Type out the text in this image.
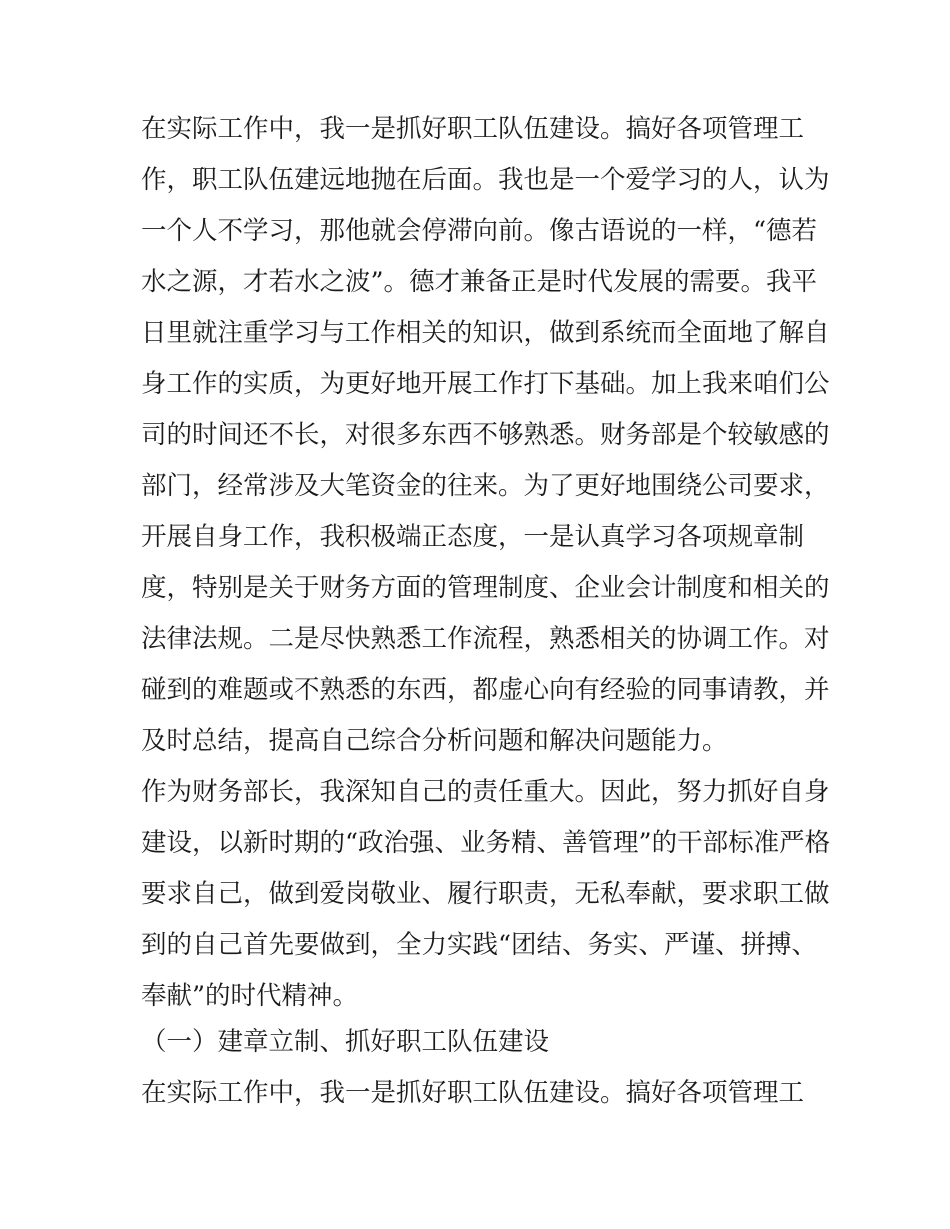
在实际工作中，我一是抓好职工队伍建设。搞好各项管理工

作，职工队伍建远地抛在后面。我也是一个爱学习的人，认为

一个人不学习，那他就会停滞向前。像古语说的一样，“德若

水之源，才若水之波”。德才兼备正是时代发展的需要。我平

日里就注重学习与工作相关的知识，做到系统而全面地了解自

身工作的实质，为更好地开展工作打下基础。加上我来咱们公

司的时间还不长，对很多东西不够熟悉。财务部是个较敏感的

部门，经常涉及大笔资金的往来。为了更好地围绕公司要求，

开展自身工作，我积极端正态度，一是认真学习各项规章制

度，特别是关于财务方面的管理制度、企业会计制度和相关的

法律法规。二是尽快熟悉工作流程，熟悉相关的协调工作。对

碰到的难题或不熟悉的东西，都虚心向有经验的同事请教，并

及时总结，提高自己综合分析问题和解决问题能力。

作为财务部长，我深知自己的责任重大。因此，努力抓好自身

建设，以新时期的“政治强、业务精、善管理”的干部标准严格

要求自己，做到爱岗敬业、履行职责，无私奉献，要求职工做

到的自己首先要做到，全力实践“团结、务实、严谨、拼搏、

奉献”的时代精神。

（一）建章立制、抓好职工队伍建设

在实际工作中，我一是抓好职工队伍建设。搞好各项管理工
